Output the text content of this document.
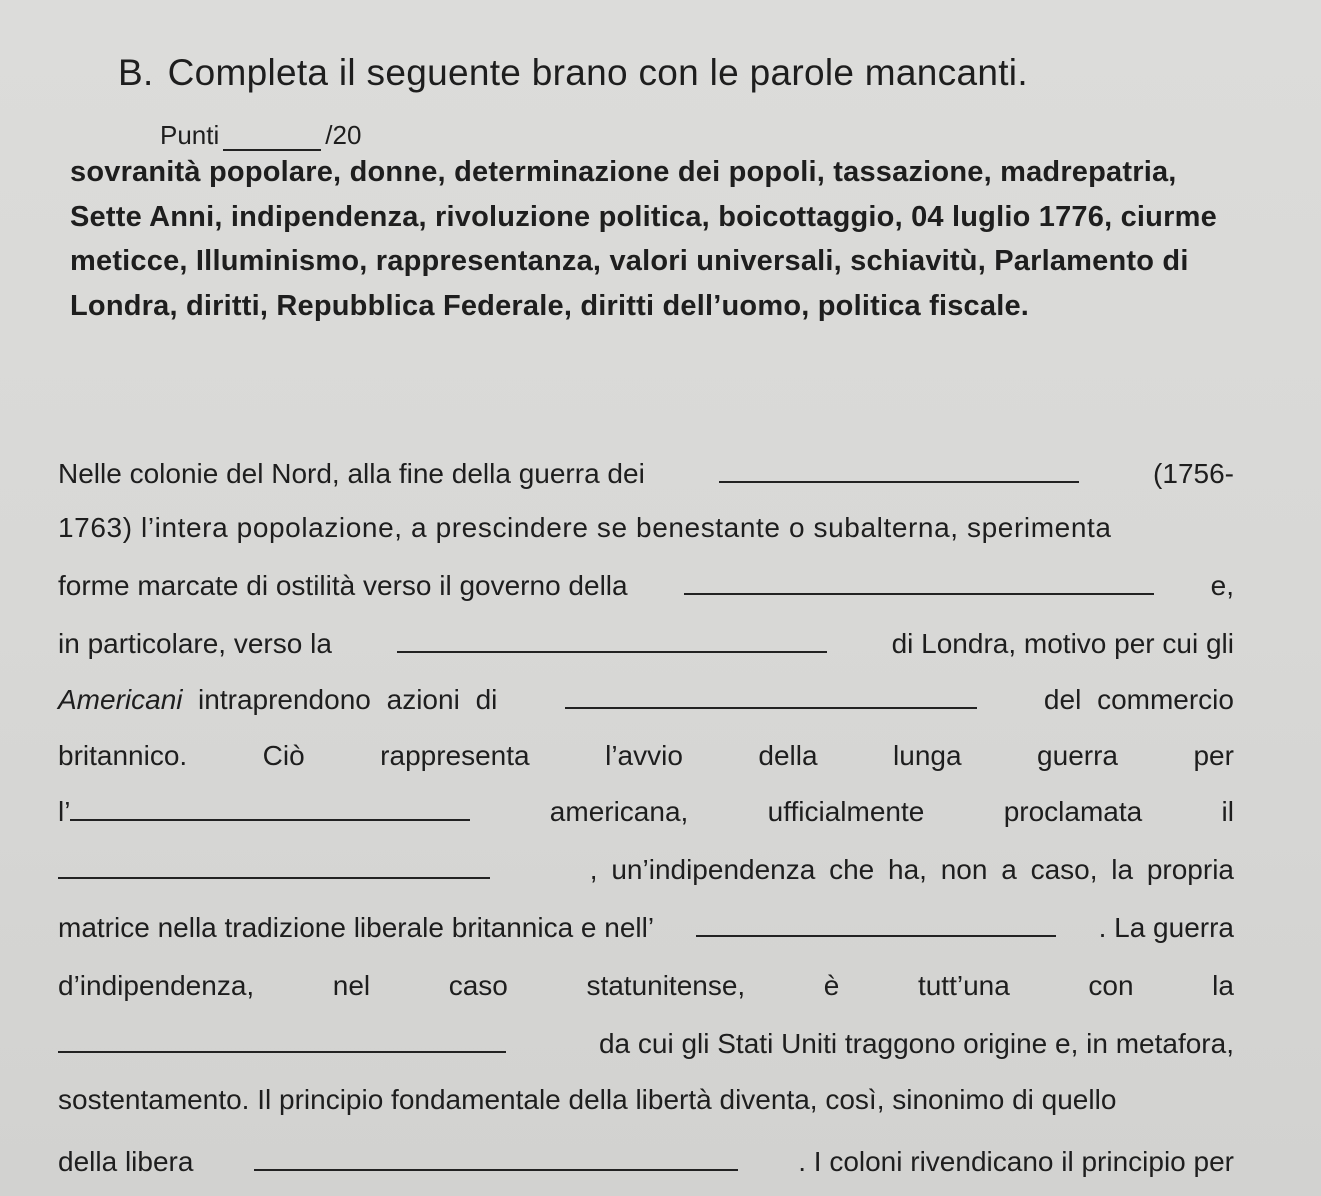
B. Completa il seguente brano con le parole mancanti.
Punti	/20
sovranità popolare, donne, determinazione dei popoli, tassazione, madrepatria, Sette Anni, indipendenza, rivoluzione politica, boicottaggio, 04 luglio 1776, ciurme meticce, Illuminismo, rappresentanza, valori universali, schiavitù, Parlamento di Londra, diritti, Repubblica Federale, diritti dell’uomo, politica fiscale.
Nelle colonie del Nord, alla fine della guerra dei	(1756-
1763) l’intera popolazione, a prescindere se benestante o subalterna, sperimenta
forme marcate di ostilità verso il governo della	e,
in particolare, verso la	di Londra, motivo per cui gli
Americani intraprendono azioni di	del commercio
britannico.	Ciò	rappresenta	l’avvio	della	lunga	guerra	per
l’	americana,	ufficialmente	proclamata	il
, un’indipendenza che ha, non a caso, la propria
matrice nella tradizione liberale britannica e nell’	. La guerra
d’indipendenza,	nel	caso	statunitense,	è	tutt’una	con	la
da cui gli Stati Uniti traggono origine e, in metafora,
sostentamento. Il principio fondamentale della libertà diventa, così, sinonimo di quello
della libera	. I coloni rivendicano il principio per
